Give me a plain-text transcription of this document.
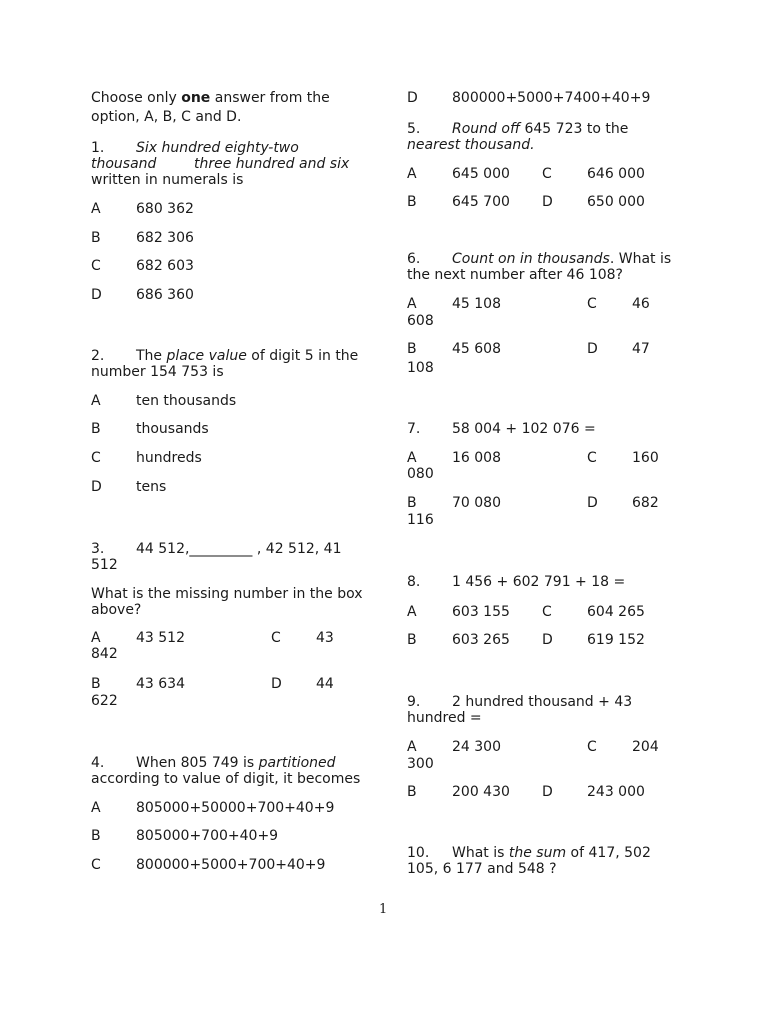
Choose only one answer from the
option, A, B, C and D.
1. Six hundred eighty-two
thousand	three hundred and six
written in numerals is
A	680 362
B	682 306
C	682 603
D 686 360
2. The place value of digit 5 in the
number 154 753 is
A	ten thousands
B	thousands
C	hundreds
D tens
3. 44 512,_________ , 42 512, 41
512
What is the missing number in the box
above?
A	43 512	C	43
842
B	43 634	D 44
622
4. When 805 749 is partitioned
according to value of digit, it becomes
A	805000+50000+700+40+9
B	805000+700+40+9
C	800000+5000+700+40+9
D 800000+5000+7400+40+9
5. Round off 645 723 to the
nearest thousand.
A	645 000 C	646 000
B	645 700 D 650 000
6. Count on in thousands. What is
the next number after 46 108?
A	45 108	C	46
608
B	45 608	D 47
108
7. 58 004 + 102 076 =
A	16 008	C	160
080
B	70 080	D 682
116
8. 1 456 + 602 791 + 18 =
A	603 155 C	604 265
B	603 265 D 619 152
9. 2 hundred thousand + 43
hundred =
A	24 300	C	204
300
B	200 430 D 243 000
10. What is the sum of 417, 502
105, 6 177 and 548 ?
1
